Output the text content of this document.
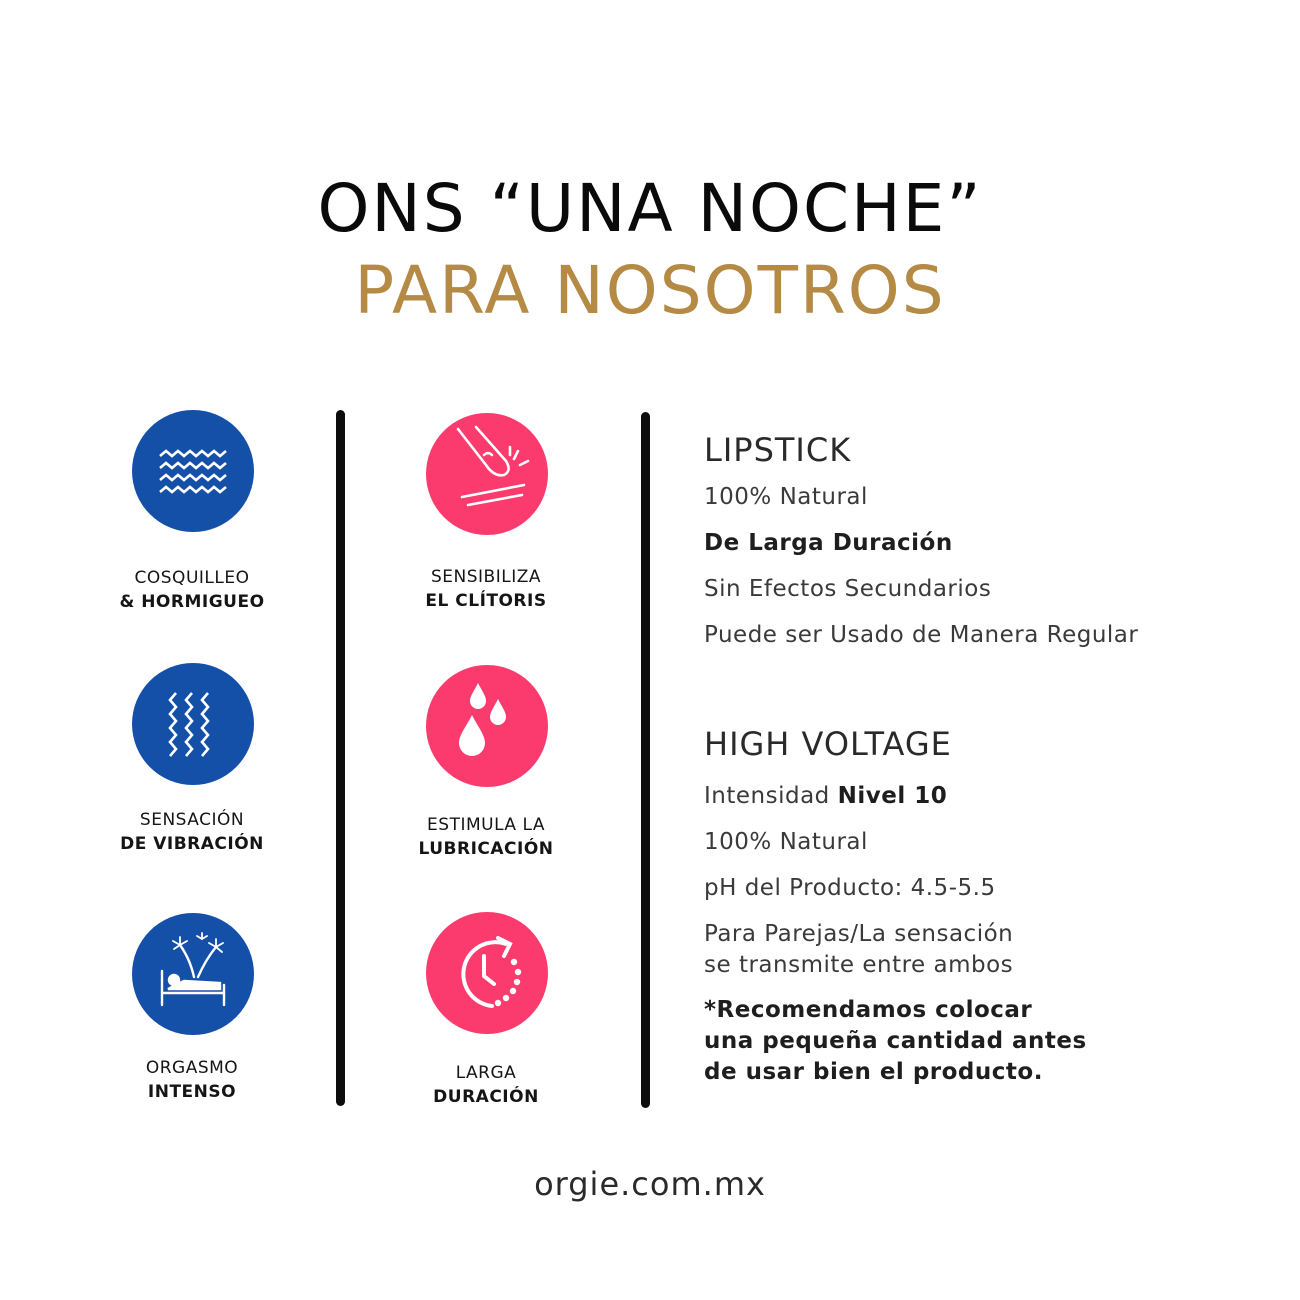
ONS “UNA NOCHE”
PARA NOSOTROS
COSQUILLEO
& HORMIGUEO
SENSACIÓN
DE VIBRACIÓN
ORGASMO
INTENSO
SENSIBILIZA
EL CLÍTORIS
ESTIMULA LA
LUBRICACIÓN
LARGA
DURACIÓN
LIPSTICK
100% Natural
De Larga Duración
Sin Efectos Secundarios
Puede ser Usado de Manera Regular
HIGH VOLTAGE
Intensidad Nivel 10
100% Natural
pH del Producto: 4.5-5.5
Para Parejas/La sensación
se transmite entre ambos
*Recomendamos colocar
una pequeña cantidad antes
de usar bien el producto.
orgie.com.mx
